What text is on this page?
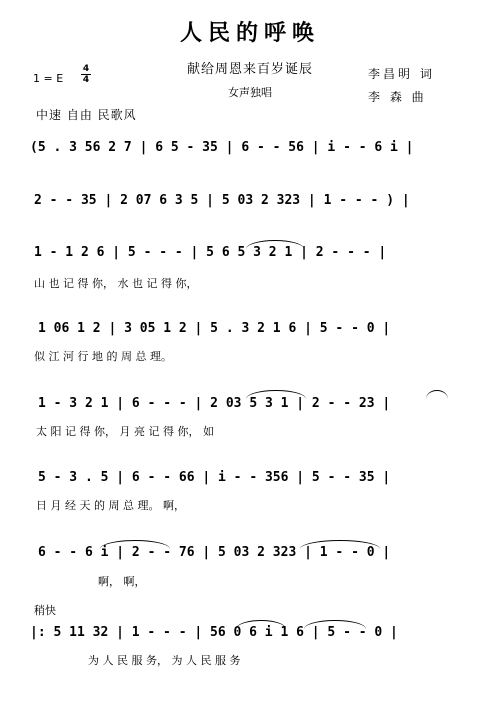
人民的呼唤
献给周恩来百岁诞辰
女声独唱
李昌明 词
李 森 曲
1 = E $\frac{4}{4}$
中速 自由 民歌风
(5 . 3 56 2 7 | 6 5 - 35 | 6 - - 56 | i - - 6 i |
2 - - 35 | 2 07 6 3 5 | 5 03 2 323 | 1 - - - ) |
1 - 1 2 6 | 5 - - - | 5 6 5 3 2 1 | 2 - - - |
山 也 记 得 你， 水 也 记 得 你，
1 06 1 2 | 3 05 1 2 | 5 . 3 2 1 6 | 5 - - 0 |
似 江 河 行 地 的 周 总 理。
1 - 3 2 1 | 6 - - - | 2 03 5 3 1 | 2 - - 23 |
太 阳 记 得 你， 月 亮 记 得 你， 如
5 - 3 . 5 | 6 - - 66 | i - - 356 | 5 - - 35 |
日 月 经 天 的 周 总 理。 啊，
6 - - 6 i | 2 - - 76 | 5 03 2 323 | 1 - - 0 |
啊， 啊，
稍快
|: 5 11 32 | 1 - - - | 56 0 6 i 1 6 | 5 - - 0 |
为 人 民 服 务， 为 人 民 服 务
